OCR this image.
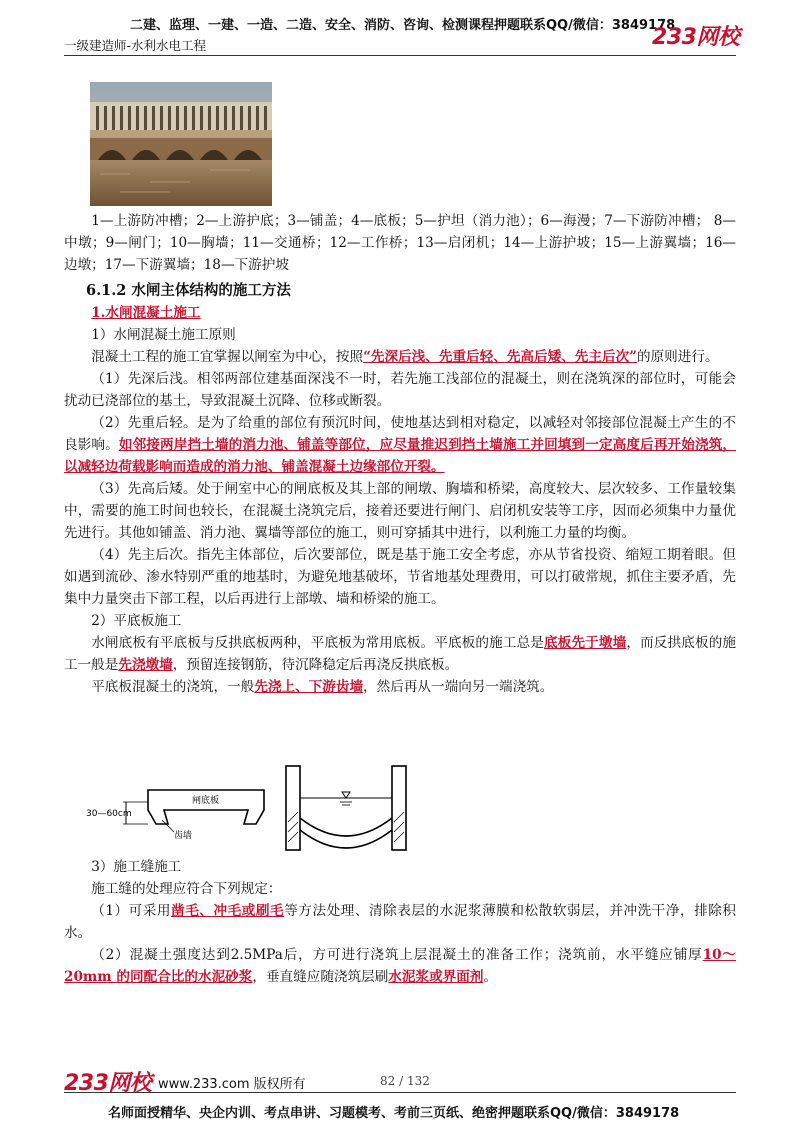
二建、监理、一建、一造、二造、安全、消防、咨询、检测课程押题联系QQ/微信：3849178
一级建造师-水利水电工程	233网校

1—上游防冲槽；2—上游护底；3—铺盖；4—底板；5—护坦（消力池）；6—海漫；7—下游防冲槽； 8—中墩；9—闸门；10—胸墙；11—交通桥；12—工作桥；13—启闭机；14—上游护坡；15—上游翼墙；16—边墩；17—下游翼墙；18—下游护坡

6.1.2 水闸主体结构的施工方法

1.水闸混凝土施工

1）水闸混凝土施工原则

混凝土工程的施工宜掌握以闸室为中心，按照“先深后浅、先重后轻、先高后矮、先主后次”的原则进行。

（1）先深后浅。相邻两部位建基面深浅不一时，若先施工浅部位的混凝土，则在浇筑深的部位时，可能会扰动已浇部位的基土，导致混凝土沉降、位移或断裂。

（2）先重后轻。是为了给重的部位有预沉时间，使地基达到相对稳定，以减轻对邻接部位混凝土产生的不良影响。如邻接两岸挡土墙的消力池、铺盖等部位，应尽量推迟到挡土墙施工并回填到一定高度后再开始浇筑，以减轻边荷载影响而造成的消力池、铺盖混凝土边缘部位开裂。

（3）先高后矮。处于闸室中心的闸底板及其上部的闸墩、胸墙和桥梁，高度较大、层次较多、工作量较集中，需要的施工时间也较长，在混凝土浇筑完后，接着还要进行闸门、启闭机安装等工序，因而必须集中力量优先进行。其他如铺盖、消力池、翼墙等部位的施工，则可穿插其中进行，以利施工力量的均衡。

（4）先主后次。指先主体部位，后次要部位，既是基于施工安全考虑，亦从节省投资、缩短工期着眼。但如遇到流砂、渗水特别严重的地基时，为避免地基破坏，节省地基处理费用，可以打破常规，抓住主要矛盾，先集中力量突击下部工程，以后再进行上部墩、墙和桥梁的施工。

2）平底板施工

水闸底板有平底板与反拱底板两种，平底板为常用底板。平底板的施工总是底板先于墩墙，而反拱底板的施工一般是先浇墩墙，预留连接钢筋，待沉降稳定后再浇反拱底板。

平底板混凝土的浇筑，一般先浇上、下游齿墙，然后再从一端向另一端浇筑。

30—60cm
闸底板
齿墙

3）施工缝施工

施工缝的处理应符合下列规定：

（1）可采用凿毛、冲毛或刷毛等方法处理、清除表层的水泥浆薄膜和松散软弱层，并冲洗干净，排除积水。

（2）混凝土强度达到2.5MPa后，方可进行浇筑上层混凝土的准备工作；浇筑前，水平缝应铺厚10～20mm 的同配合比的水泥砂浆，垂直缝应随浇筑层刷水泥浆或界面剂。

233网校 www.233.com 版权所有	82 / 132
名师面授精华、央企内训、考点串讲、习题模考、考前三页纸、绝密押题联系QQ/微信：3849178
